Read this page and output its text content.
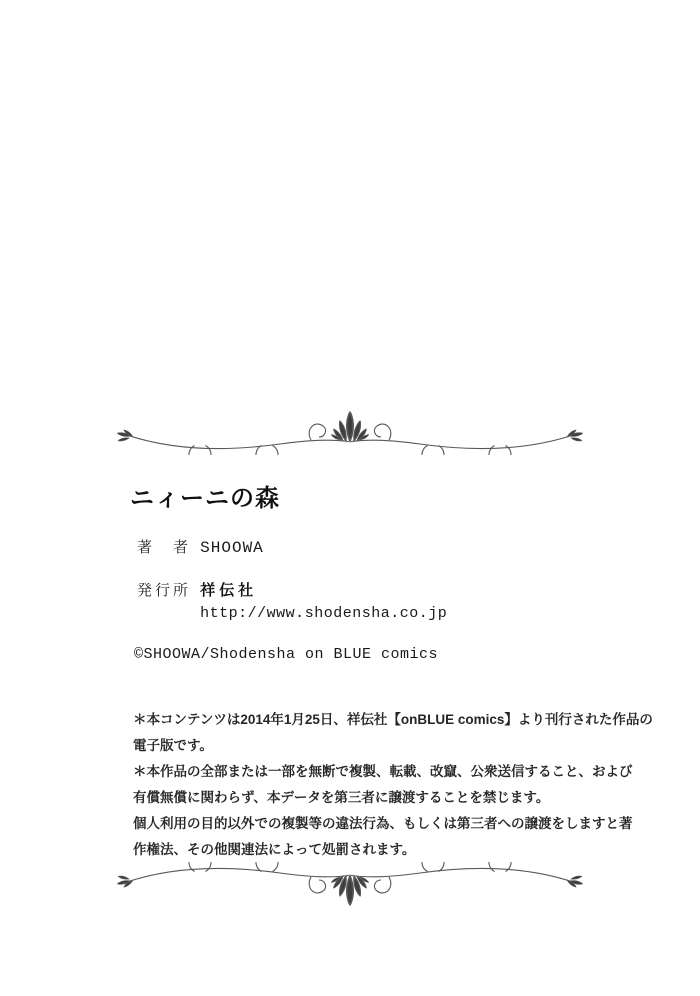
ニィーニの森
著　者 SHOOWA
発行所 祥伝社
http://www.shodensha.co.jp
©SHOOWA/Shodensha on BLUE comics
＊本コンテンツは2014年1月25日、祥伝社【onBLUE comics】より刊行された作品の
電子版です。
＊本作品の全部または一部を無断で複製、転載、改竄、公衆送信すること、および
有償無償に関わらず、本データを第三者に譲渡することを禁じます。
個人利用の目的以外での複製等の違法行為、もしくは第三者への譲渡をしますと著
作権法、その他関連法によって処罰されます。
